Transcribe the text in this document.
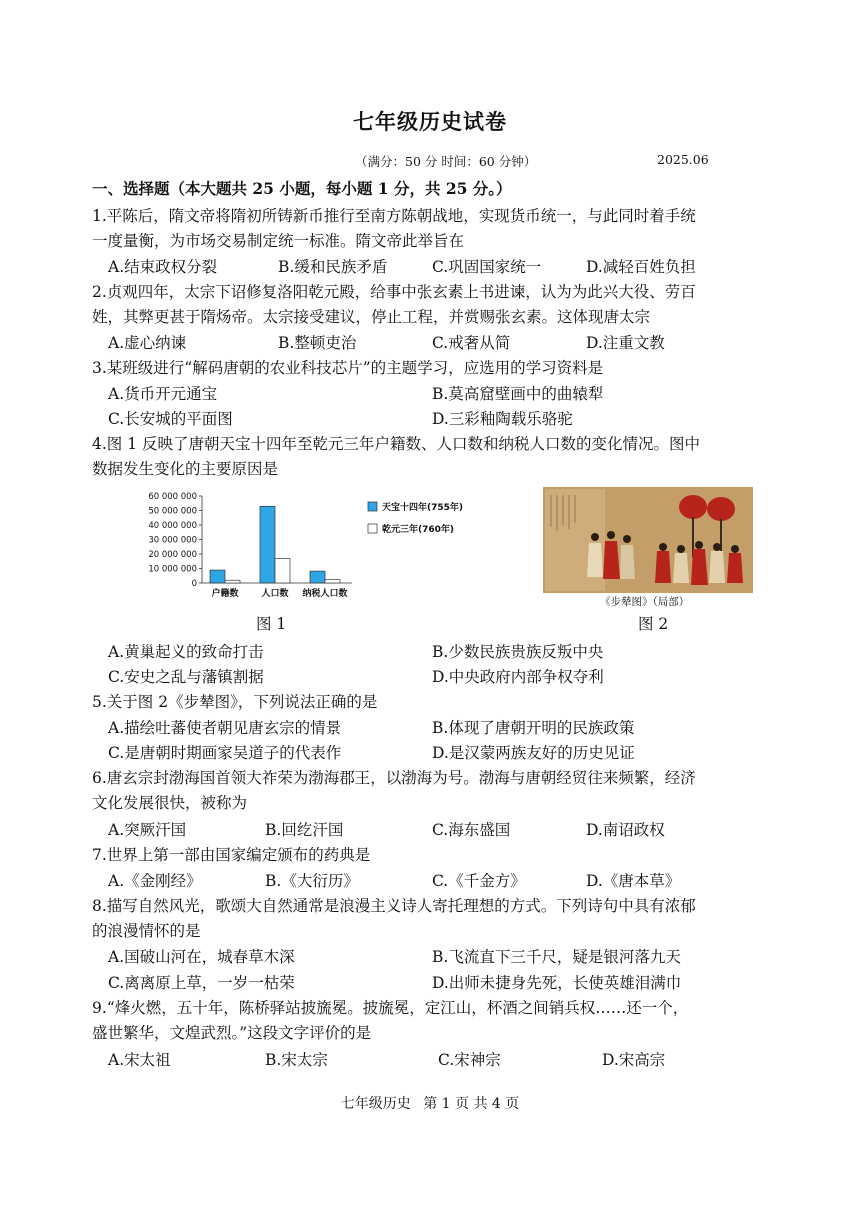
七年级历史试卷
（满分：50 分 时间：60 分钟）	2025.06
一、选择题（本大题共 25 小题，每小题 1 分，共 25 分。）
1.平陈后，隋文帝将隋初所铸新币推行至南方陈朝战地，实现货币统一，与此同时着手统
一度量衡，为市场交易制定统一标准。隋文帝此举旨在
A.结束政权分裂	B.缓和民族矛盾	C.巩固国家统一	D.减轻百姓负担
2.贞观四年，太宗下诏修复洛阳乾元殿，给事中张玄素上书进谏，认为为此兴大役、劳百
姓，其弊更甚于隋炀帝。太宗接受建议，停止工程，并赏赐张玄素。这体现唐太宗
A.虚心纳谏	B.整顿吏治	C.戒奢从简	D.注重文教
3.某班级进行“解码唐朝的农业科技芯片”的主题学习，应选用的学习资料是
A.货币开元通宝	B.莫高窟壁画中的曲辕犁
C.长安城的平面图	D.三彩釉陶载乐骆驼
4.图 1 反映了唐朝天宝十四年至乾元三年户籍数、人口数和纳税人口数的变化情况。图中
数据发生变化的主要原因是
0
10 000 000
20 000 000
30 000 000
40 000 000
50 000 000
60 000 000
户籍数	人口数 纳税人口数
天宝十四年(755年)
乾元三年(760年)
图 1
《步辇图》（局部）
图 2
A.黄巢起义的致命打击	B.少数民族贵族反叛中央
C.安史之乱与藩镇割据	D.中央政府内部争权夺利
5.关于图 2《步辇图》，下列说法正确的是
A.描绘吐蕃使者朝见唐玄宗的情景	B.体现了唐朝开明的民族政策
C.是唐朝时期画家吴道子的代表作	D.是汉蒙两族友好的历史见证
6.唐玄宗封渤海国首领大祚荣为渤海郡王，以渤海为号。渤海与唐朝经贸往来频繁，经济
文化发展很快，被称为
A.突厥汗国	B.回纥汗国	C.海东盛国	D.南诏政权
7.世界上第一部由国家编定颁布的药典是
A.《金刚经》	B.《大衍历》	C.《千金方》	D.《唐本草》
8.描写自然风光，歌颂大自然通常是浪漫主义诗人寄托理想的方式。下列诗句中具有浓郁
的浪漫情怀的是
A.国破山河在，城春草木深	B.飞流直下三千尺，疑是银河落九天
C.离离原上草，一岁一枯荣	D.出师未捷身先死，长使英雄泪满巾
9.“烽火燃，五十年，陈桥驿站披旒冕。披旒冕，定江山，杯酒之间销兵权……还一个，
盛世繁华，文煌武烈。”这段文字评价的是
A.宋太祖	B.宋太宗	C.宋神宗	D.宋高宗
七年级历史 第 1 页 共 4 页
